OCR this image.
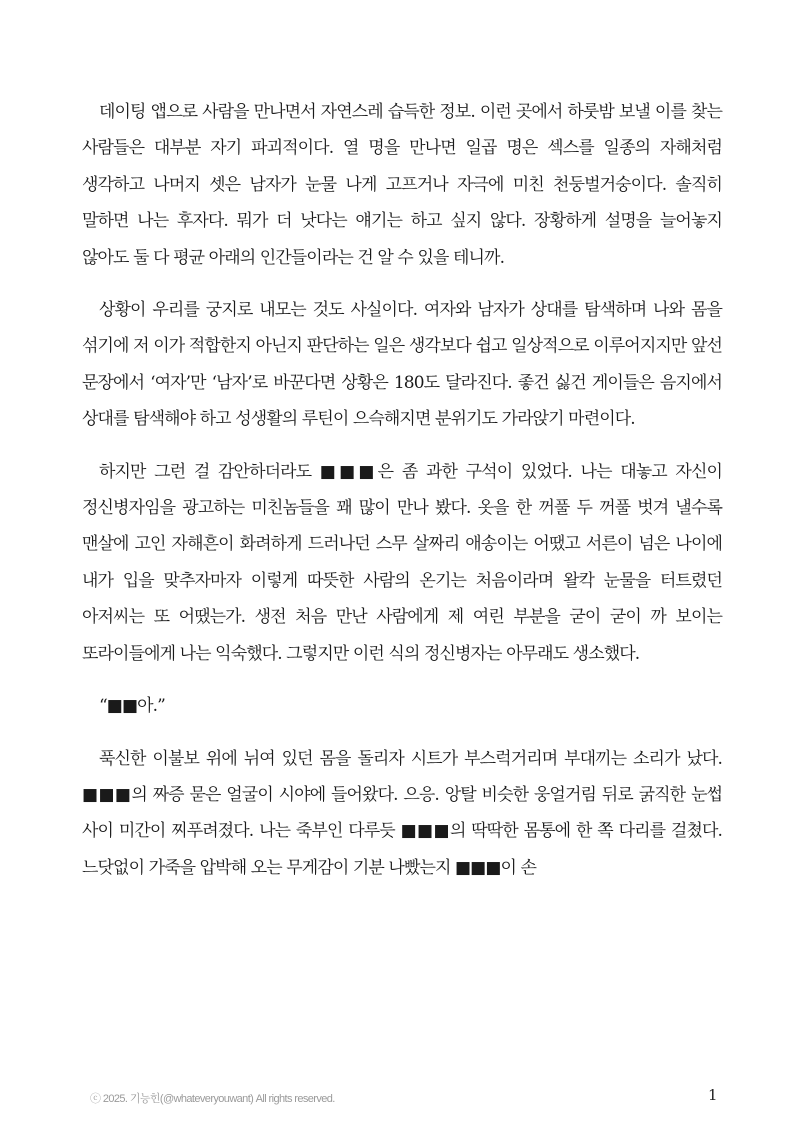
데이팅 앱으로 사람을 만나면서 자연스레 습득한 정보. 이런 곳에서 하룻밤 보낼 이를 찾는 사람들은 대부분 자기 파괴적이다. 열 명을 만나면 일곱 명은 섹스를 일종의 자해처럼 생각하고 나머지 셋은 남자가 눈물 나게 고프거나 자극에 미친 천둥벌거숭이다. 솔직히 말하면 나는 후자다. 뭐가 더 낫다는 얘기는 하고 싶지 않다. 장황하게 설명을 늘어놓지 않아도 둘 다 평균 아래의 인간들이라는 건 알 수 있을 테니까.

상황이 우리를 궁지로 내모는 것도 사실이다. 여자와 남자가 상대를 탐색하며 나와 몸을 섞기에 저 이가 적합한지 아닌지 판단하는 일은 생각보다 쉽고 일상적으로 이루어지지만 앞선 문장에서 ‘여자’만 ‘남자’로 바꾼다면 상황은 180도 달라진다. 좋건 싫건 게이들은 음지에서 상대를 탐색해야 하고 성생활의 루틴이 으슥해지면 분위기도 가라앉기 마련이다.

하지만 그런 걸 감안하더라도 ■■■은 좀 과한 구석이 있었다. 나는 대놓고 자신이 정신병자임을 광고하는 미친놈들을 꽤 많이 만나 봤다. 옷을 한 꺼풀 두 꺼풀 벗겨 낼수록 맨살에 고인 자해흔이 화려하게 드러나던 스무 살짜리 애송이는 어땠고 서른이 넘은 나이에 내가 입을 맞추자마자 이렇게 따뜻한 사람의 온기는 처음이라며 왈칵 눈물을 터트렸던 아저씨는 또 어땠는가. 생전 처음 만난 사람에게 제 여린 부분을 굳이 굳이 까 보이는 또라이들에게 나는 익숙했다. 그렇지만 이런 식의 정신병자는 아무래도 생소했다.

“■■아.”

푹신한 이불보 위에 뉘여 있던 몸을 돌리자 시트가 부스럭거리며 부대끼는 소리가 났다. ■■■의 짜증 묻은 얼굴이 시야에 들어왔다. 으응. 앙탈 비슷한 웅얼거림 뒤로 굵직한 눈썹 사이 미간이 찌푸려졌다. 나는 죽부인 다루듯 ■■■의 딱딱한 몸통에 한 쪽 다리를 걸쳤다. 느닷없이 가죽을 압박해 오는 무게감이 기분 나빴는지 ■■■이 손

ⓒ 2025. 기능힌(@whateveryouwant) All rights reserved.	1
